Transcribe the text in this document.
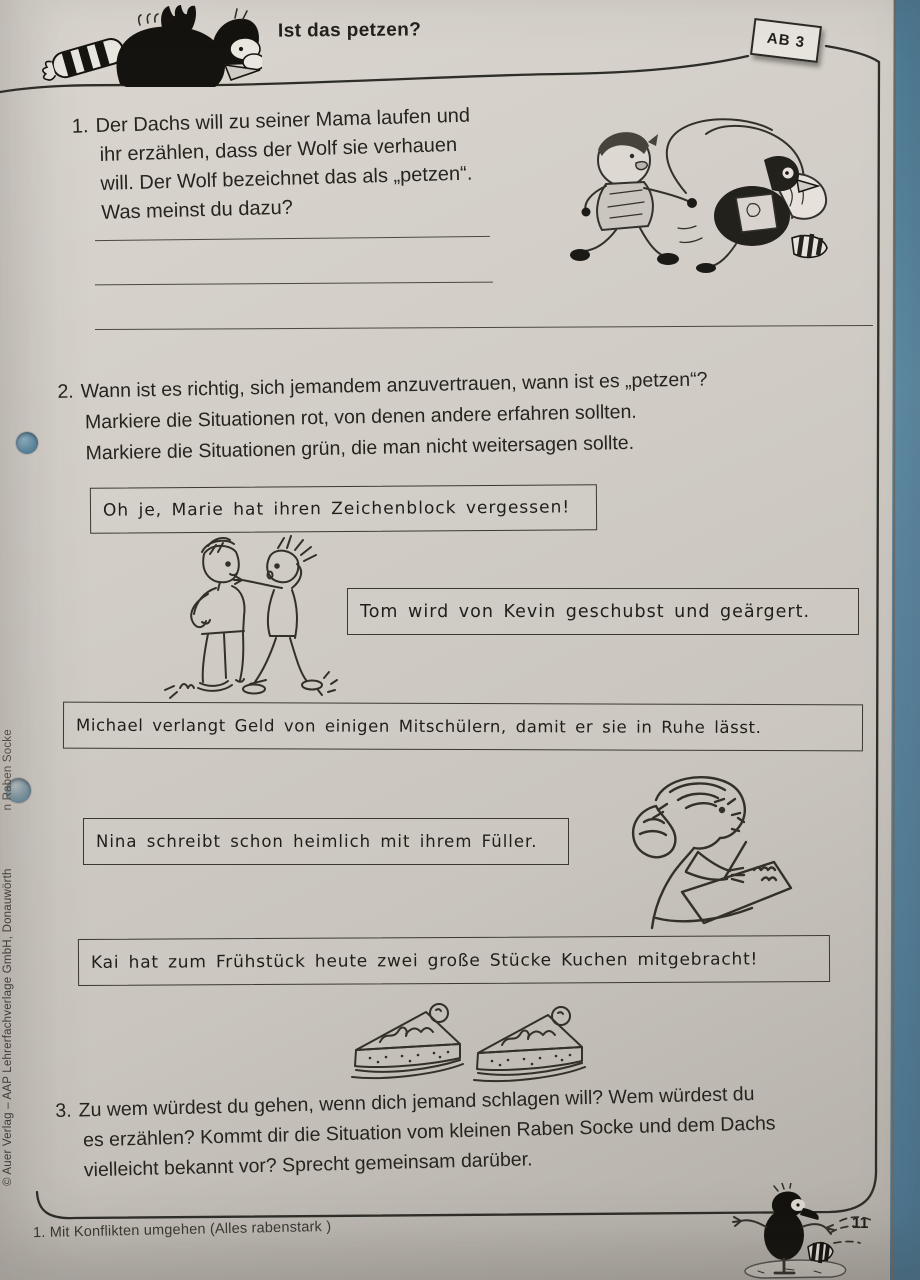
Ist das petzen?	AB 3
1. Der Dachs will zu seiner Mama laufen und
ihr erzählen, dass der Wolf sie verhauen
will. Der Wolf bezeichnet das als „petzen“.
Was meinst du dazu?
2. Wann ist es richtig, sich jemandem anzuvertrauen, wann ist es „petzen“?
Markiere die Situationen rot, von denen andere erfahren sollten.
Markiere die Situationen grün, die man nicht weitersagen sollte.
Oh je, Marie hat ihren Zeichenblock vergessen!
Tom wird von Kevin geschubst und geärgert.
Michael verlangt Geld von einigen Mitschülern, damit er sie in Ruhe lässt.
Nina schreibt schon heimlich mit ihrem Füller.
Kai hat zum Frühstück heute zwei große Stücke Kuchen mitgebracht!
3. Zu wem würdest du gehen, wenn dich jemand schlagen will? Wem würdest du
es erzählen? Kommt dir die Situation vom kleinen Raben Socke und dem Dachs
vielleicht bekannt vor? Sprecht gemeinsam darüber.
1. Mit Konflikten umgehen (Alles rabenstark )	11
© Auer Verlag – AAP Lehrerfachverlage GmbH, Donauwörth
n Raben Socke
